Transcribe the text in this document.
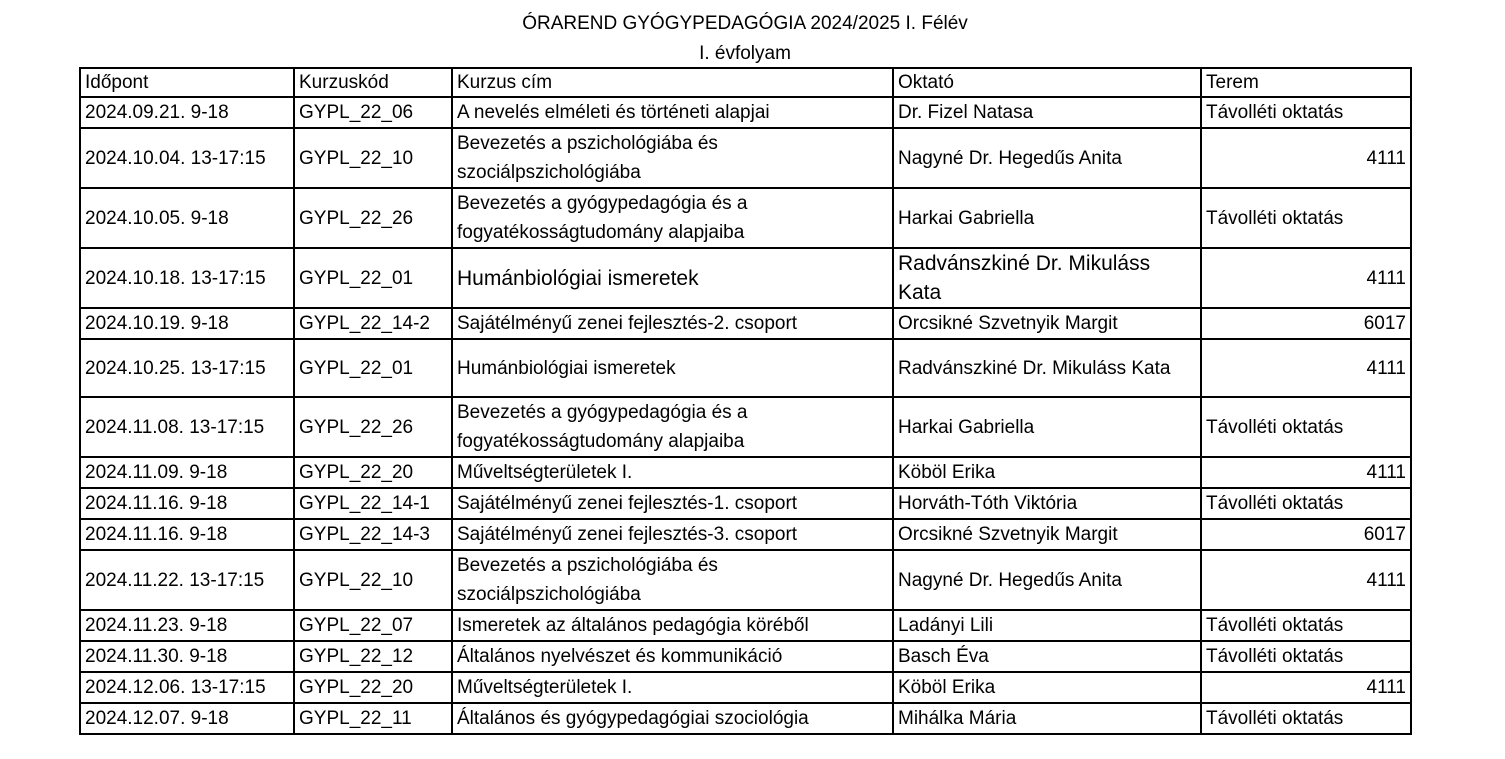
ÓRAREND GYÓGYPEDAGÓGIA 2024/2025 I. Félév
I. évfolyam
Időpont	Kurzuskód	Kurzus cím	Oktató	Terem
2024.09.21. 9-18	GYPL_22_06	A nevelés elméleti és történeti alapjai	Dr. Fizel Natasa	Távolléti oktatás
2024.10.04. 13-17:15	GYPL_22_10	Bevezetés a pszichológiába és szociálpszichológiába	Nagyné Dr. Hegedűs Anita	4111
2024.10.05. 9-18	GYPL_22_26	Bevezetés a gyógypedagógia és a fogyatékosságtudomány alapjaiba	Harkai Gabriella	Távolléti oktatás
2024.10.18. 13-17:15	GYPL_22_01	Humánbiológiai ismeretek	Radvánszkiné Dr. Mikuláss Kata	4111
2024.10.19. 9-18	GYPL_22_14-2	Sajátélményű zenei fejlesztés-2. csoport	Orcsikné Szvetnyik Margit	6017
2024.10.25. 13-17:15	GYPL_22_01	Humánbiológiai ismeretek	Radvánszkiné Dr. Mikuláss Kata	4111
2024.11.08. 13-17:15	GYPL_22_26	Bevezetés a gyógypedagógia és a fogyatékosságtudomány alapjaiba	Harkai Gabriella	Távolléti oktatás
2024.11.09. 9-18	GYPL_22_20	Műveltségterületek I.	Köböl Erika	4111
2024.11.16. 9-18	GYPL_22_14-1	Sajátélményű zenei fejlesztés-1. csoport	Horváth-Tóth Viktória	Távolléti oktatás
2024.11.16. 9-18	GYPL_22_14-3	Sajátélményű zenei fejlesztés-3. csoport	Orcsikné Szvetnyik Margit	6017
2024.11.22. 13-17:15	GYPL_22_10	Bevezetés a pszichológiába és szociálpszichológiába	Nagyné Dr. Hegedűs Anita	4111
2024.11.23. 9-18	GYPL_22_07	Ismeretek az általános pedagógia köréből	Ladányi Lili	Távolléti oktatás
2024.11.30. 9-18	GYPL_22_12	Általános nyelvészet és kommunikáció	Basch Éva	Távolléti oktatás
2024.12.06. 13-17:15	GYPL_22_20	Műveltségterületek I.	Köböl Erika	4111
2024.12.07. 9-18	GYPL_22_11	Általános és gyógypedagógiai szociológia	Mihálka Mária	Távolléti oktatás
